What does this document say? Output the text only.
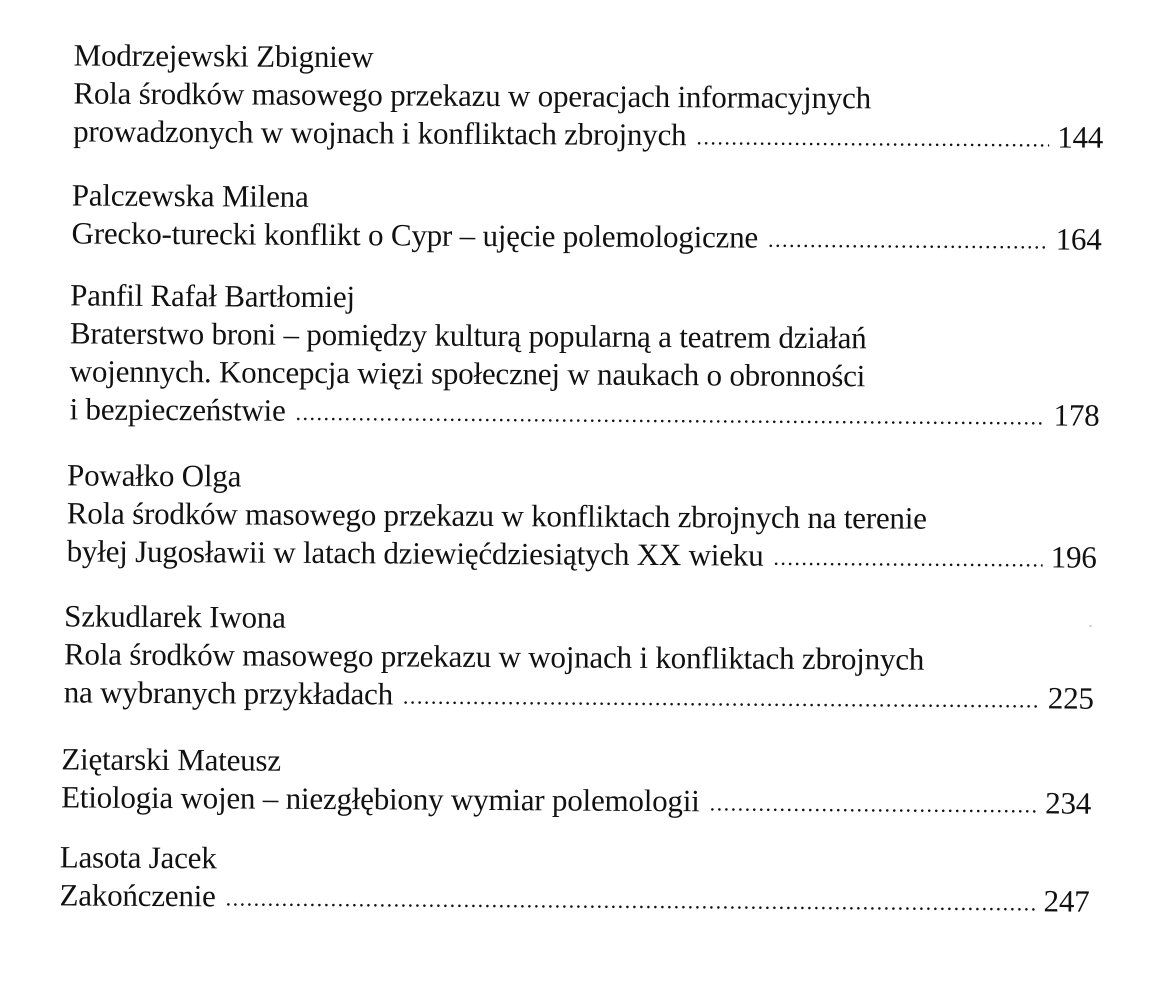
Modrzejewski Zbigniew
Rola środków masowego przekazu w operacjach informacyjnych
prowadzonych w wojnach i konfliktach zbrojnych .....	144
Palczewska Milena
Grecko-turecki konflikt o Cypr – ujęcie polemologiczne .....	164
Panfil Rafał Bartłomiej
Braterstwo broni – pomiędzy kulturą popularną a teatrem działań
wojennych. Koncepcja więzi społecznej w naukach o obronności
i bezpieczeństwie .....	178
Powałko Olga
Rola środków masowego przekazu w konfliktach zbrojnych na terenie
byłej Jugosławii w latach dziewięćdziesiątych XX wieku .....	196
Szkudlarek Iwona
Rola środków masowego przekazu w wojnach i konfliktach zbrojnych
na wybranych przykładach .....	225
Ziętarski Mateusz
Etiologia wojen – niezgłębiony wymiar polemologii .....	234
Lasota Jacek
Zakończenie .....	247
